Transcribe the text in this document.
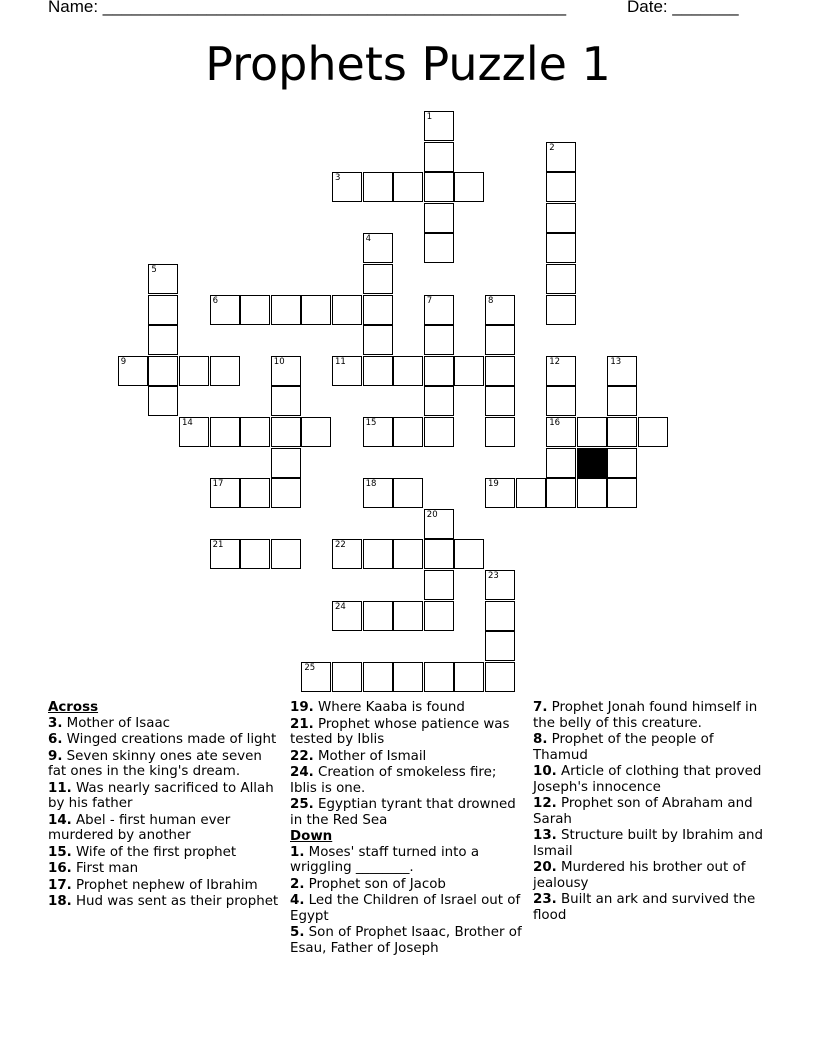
Name: _________________________________________________	Date: _______
Prophets Puzzle 1
1
2
3
4
5
6	7	8
9	10	11	12
16
13
14	15
17	18	19
20
21	22
23
24
25
Across
3. Mother of Isaac
6. Winged creations made of light
9. Seven skinny ones ate seven fat ones in the king's dream.
11. Was nearly sacrificed to Allah by his father
14. Abel - first human ever murdered by another
15. Wife of the first prophet
16. First man
17. Prophet nephew of Ibrahim
18. Hud was sent as their prophet
19. Where Kaaba is found
21. Prophet whose patience was tested by Iblis
22. Mother of Ismail
24. Creation of smokeless fire; Iblis is one.
25. Egyptian tyrant that drowned in the Red Sea
Down
1. Moses' staff turned into a wriggling ________.
2. Prophet son of Jacob
4. Led the Children of Israel out of Egypt
5. Son of Prophet Isaac, Brother of Esau, Father of Joseph
7. Prophet Jonah found himself in the belly of this creature.
8. Prophet of the people of Thamud
10. Article of clothing that proved Joseph's innocence
12. Prophet son of Abraham and Sarah
13. Structure built by Ibrahim and Ismail
20. Murdered his brother out of jealousy
23. Built an ark and survived the flood
